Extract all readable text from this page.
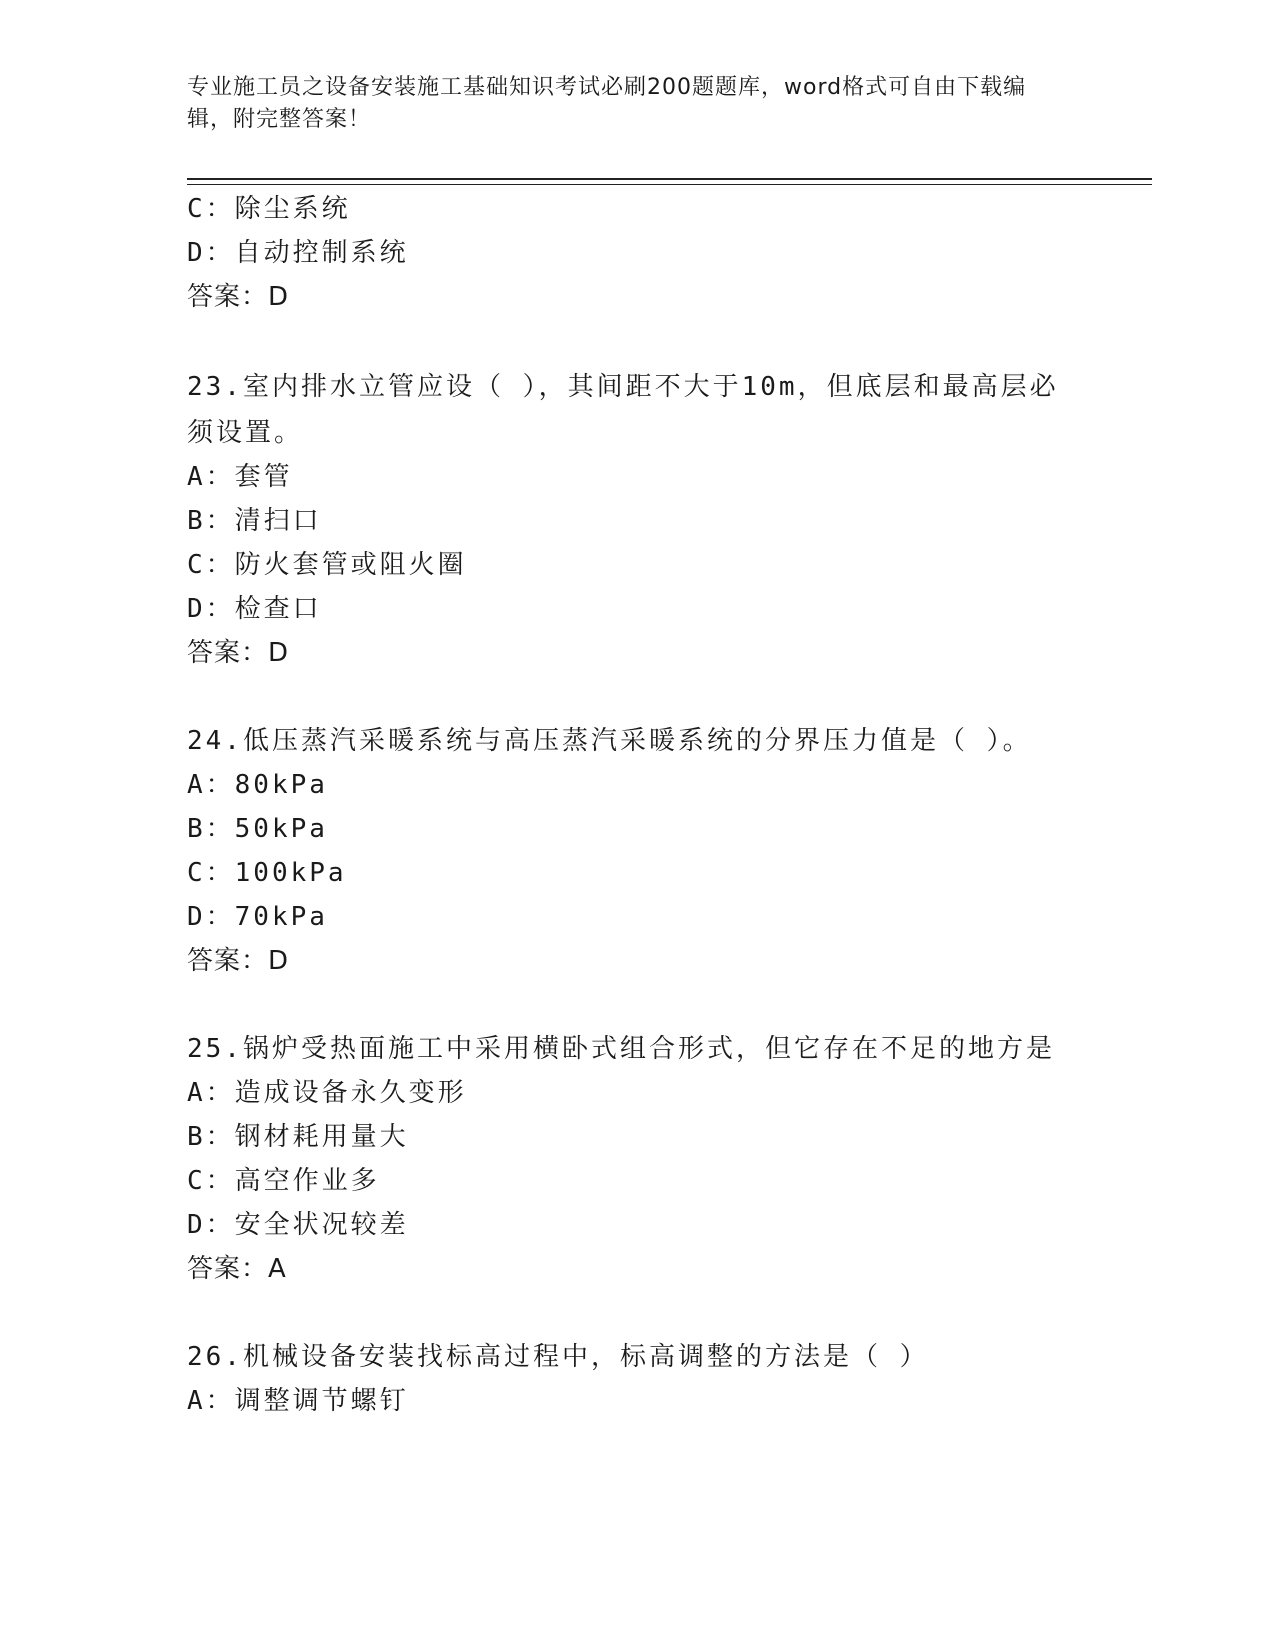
专业施工员之设备安装施工基础知识考试必刷200题题库，word格式可自由下载编辑，附完整答案！
C：除尘系统
D：自动控制系统
答案：D
23.室内排水立管应设（ ），其间距不大于10m，但底层和最高层必须设置。
A：套管
B：清扫口
C：防火套管或阻火圈
D：检查口
答案：D
24.低压蒸汽采暖系统与高压蒸汽采暖系统的分界压力值是（ ）。
A：80kPa
B：50kPa
C：100kPa
D：70kPa
答案：D
25.锅炉受热面施工中采用横卧式组合形式，但它存在不足的地方是
A：造成设备永久变形
B：钢材耗用量大
C：高空作业多
D：安全状况较差
答案：A
26.机械设备安装找标高过程中，标高调整的方法是（ ）
A：调整调节螺钉
